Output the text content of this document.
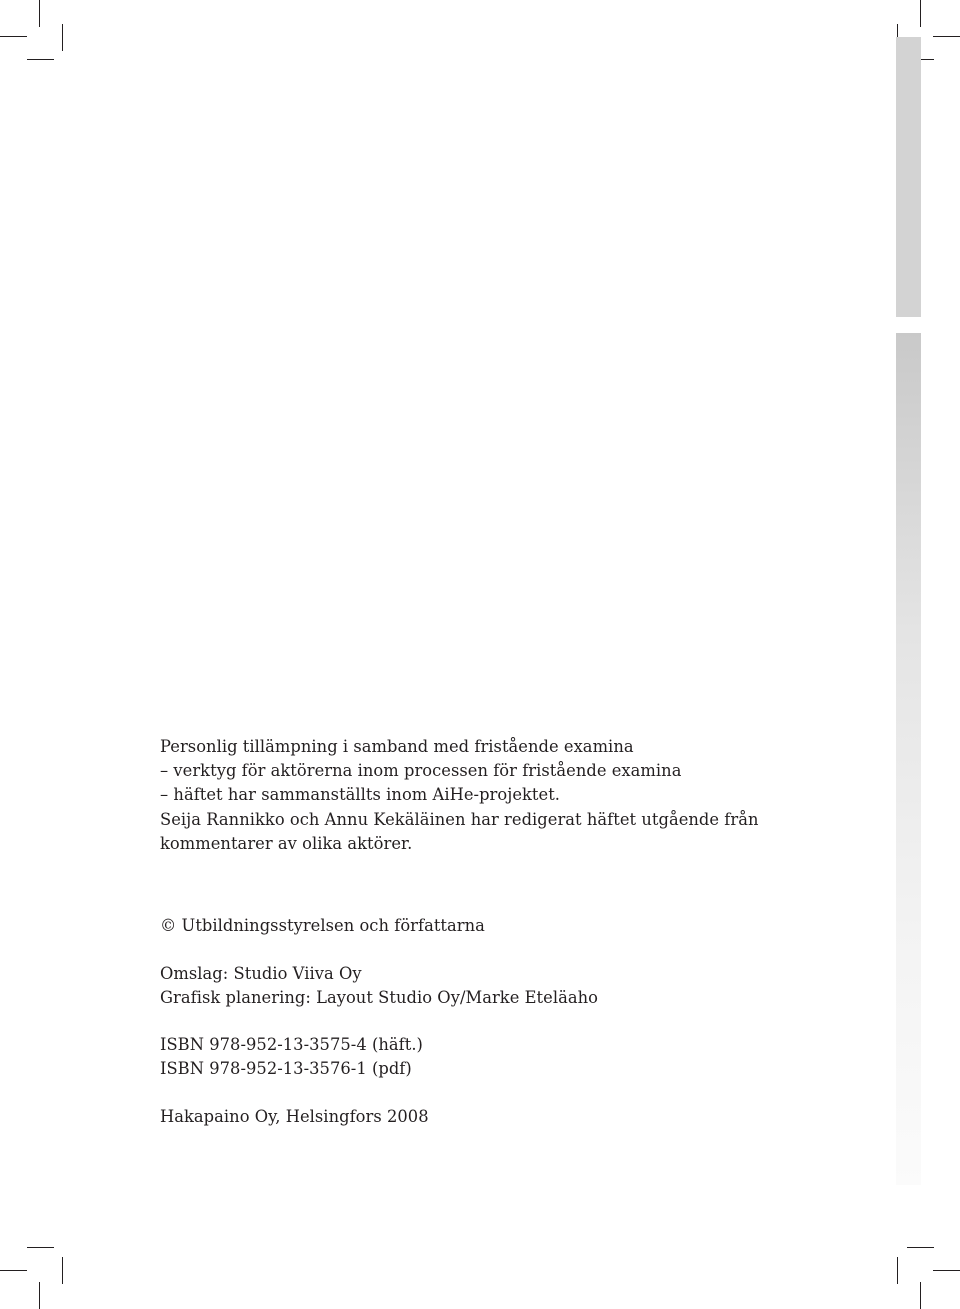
Personlig tillämpning i samband med fristående examina
– verktyg för aktörerna inom processen för fristående examina
– häftet har sammanställts inom AiHe-projektet.
Seija Rannikko och Annu Kekäläinen har redigerat häftet utgående från
kommentarer av olika aktörer.
© Utbildningsstyrelsen och författarna
Omslag: Studio Viiva Oy
Grafisk planering: Layout Studio Oy/Marke Eteläaho
ISBN 978-952-13-3575-4 (häft.)
ISBN 978-952-13-3576-1 (pdf)
Hakapaino Oy, Helsingfors 2008
